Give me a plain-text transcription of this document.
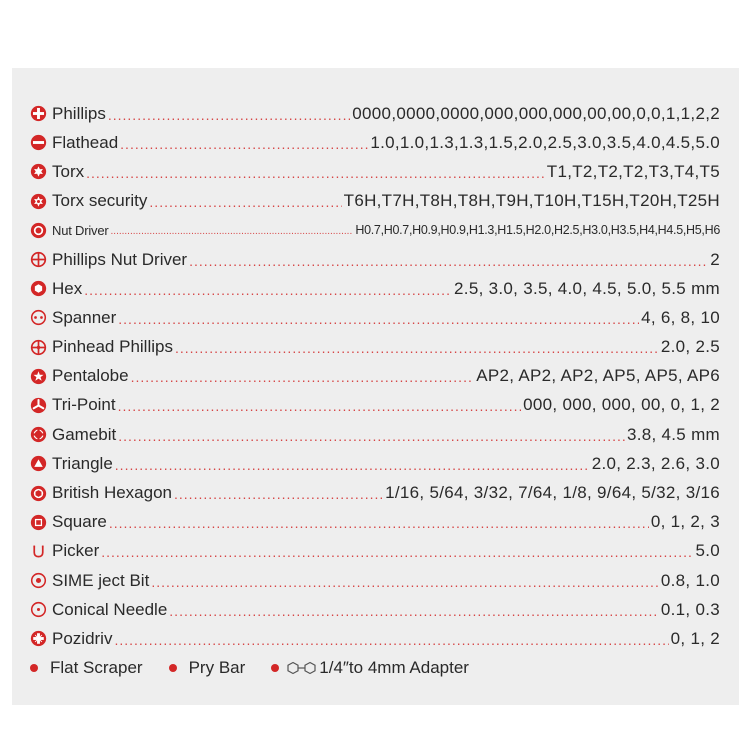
Phillips .....	0000,0000,0000,000,000,000,00,00,0,0,1,1,2,2
Flathead .....	1.0,1.0,1.3,1.3,1.5,2.0,2.5,3.0,3.5,4.0,4.5,5.0
Torx .....	T1,T2,T2,T2,T3,T4,T5
Torx security .....	T6H,T7H,T8H,T8H,T9H,T10H,T15H,T20H,T25H
Nut Driver .....	H0.7,H0.7,H0.9,H0.9,H1.3,H1.5,H2.0,H2.5,H3.0,H3.5,H4,H4.5,H5,H6
Phillips Nut Driver .....	2
Hex .....	2.5, 3.0, 3.5, 4.0, 4.5, 5.0, 5.5 mm
Spanner .....	4, 6, 8, 10
Pinhead Phillips .....	2.0, 2.5
Pentalobe .....	AP2, AP2, AP2, AP5, AP5, AP6
Tri-Point .....	000, 000, 000, 00, 0, 1, 2
Gamebit .....	3.8, 4.5 mm
Triangle .....	2.0, 2.3, 2.6, 3.0
British Hexagon .....	1/16, 5/64, 3/32, 7/64, 1/8, 9/64, 5/32, 3/16
Square .....	0, 1, 2, 3
Picker .....	5.0
SIME ject Bit .....	0.8, 1.0
Conical Needle .....	0.1, 0.3
Pozidriv .....	0, 1, 2
Flat Scraper	Pry Bar	1/4″to 4mm Adapter
